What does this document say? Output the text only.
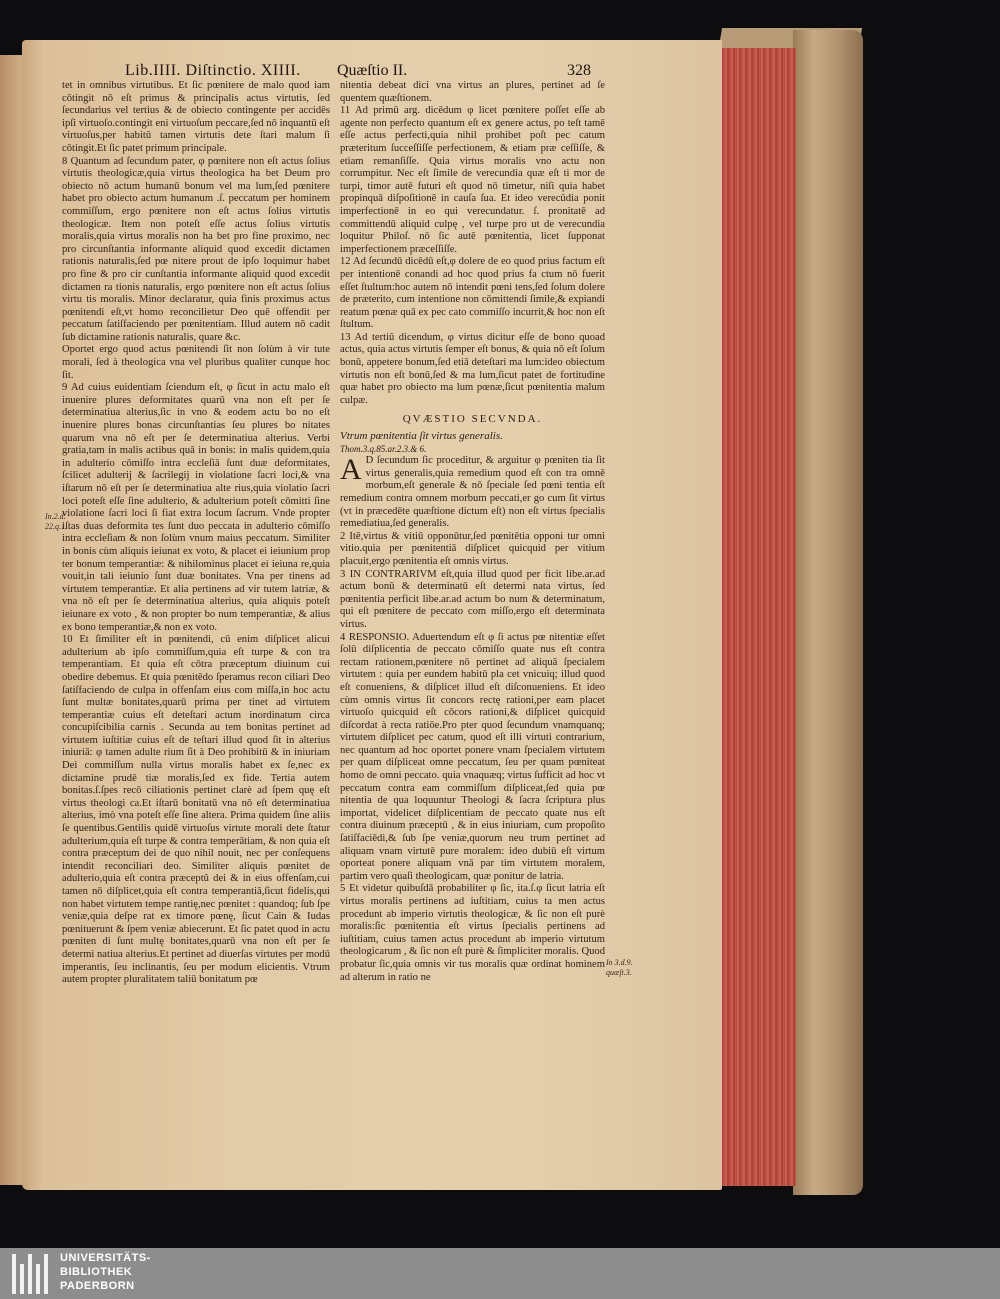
Lib.IIII. Diſtinctio. XIIII. Quæſtio II.	328

tet in omnibus virtutibus. Et ſic pœnitere de malo quod iam cōtingit nō eſt primus & principalis actus virtutis, ſed ſecundarius vel tertius & de obiecto contingente per accidēs ipſi virtuoſo.contingit eni virtuoſum peccare,ſed nō inquantū eſt virtuoſus,per habitū tamen virtutis dete ſtari malum ſi cōtingit.Et ſic patet primum principale.

8 Quantum ad ſecundum pater, φ pœnitere non eſt actus ſolius virtutis theologicæ,quia virtus theologica ha bet Deum pro obiecto nō actum humanū bonum vel ma lum,ſed pœnitere habet pro obiecto actum humanum .ſ. peccatum per hominem commiſſum, ergo pœnitere non eſt actus ſolius virtutis theologicæ. Item non poteſt eſſe actus ſolius virtutis moralis,quia virtus moralis non ha bet pro fine proximo, nec pro circunſtantia informante aliquid quod excedit dictamen rationis naturalis,ſed pœ nitere prout de ipſo loquimur habet pro fine & pro cir cunſtantia informante aliquid quod excedit dictamen ra tionis naturalis, ergo pœnitere non eſt actus ſolius virtu tis moralis. Minor declaratur, quia finis proximus actus pœnitendi eſt,vt homo reconcilietur Deo quē offendit per peccatum ſatiſfaciendo per pœnitentiam. Illud autem nō cadit ſub dictamine rationis naturalis, quare &c.

Oportet ergo quod actus pœnitendi ſit non ſolùm à vir tute morali, ſed à theologica vna vel pluribus qualiter cunque hoc ſit.

9 Ad cuius euidentiam ſciendum eſt, φ ſicut in actu malo eſt inuenire plures deformitates quarū vna non eſt per ſe determinatiua alterius,ſic in vno & eodem actu bo no eſt inuenire plures bonas circunſtantias ſeu plures bo nitates quarum vna nō eſt per ſe determinatiua alterius. Verbi gratia,tam in malis actibus quā in bonis: in malis quidem,quia in adulterio cōmiſſo intra eccleſiā ſunt duæ deformitates, ſcilicet adulterij & ſacrilegij in violatione ſacri loci,& vna iſtarum nō eſt per ſe determinatiua alte rius,quia violatio ſacri loci poteſt eſſe ſine adulterio, & adulterium poteſt cōmitti ſine violatione ſacri loci ſi fiat extra locum ſacrum. Vnde propter iſtas duas deformita tes ſunt duo peccata in adulterio cōmiſſo intra eccleſiam & non ſolùm vnum maius peccatum. Similiter in bonis cùm aliquis ieiunat ex voto, & placet ei ieiunium prop ter bonum temperantiæ: & nihilominus placet ei ieiuna re,quia vouit,in tali ieiunio ſunt duæ bonitates. Vna per tinens ad virtutem temperantiæ. Et alia pertinens ad vir tutem latriæ, & vna nō eſt per ſe determinatiua alterius, quia aliquis poteſt ieiunare ex voto , & non propter bo num temperantiæ, & alius ex bono temperantiæ,& non ex voto.

10 Et ſimiliter eſt in pœnitendi, cū enim diſplicet alicui adulterium ab ipſo commiſſum,quia eſt turpe & con tra temperantiam. Et quia eſt cōtra præceptum diuinum cui obedire debemus. Et quia pœnitēdo ſperamus recon ciliari Deo ſatiſfaciendo de culpa in offenſam eius com miſſa,in hoc actu ſunt multæ bonitates,quarū prima per tinet ad virtutem temperantiæ cuius eſt deteſtari actum inordinatum circa concupiſcibilia carnis . Secunda au tem bonitas pertinet ad virtutem iuſtitiæ cuius eſt de teſtari illud quod ſit in alterius iniuriā: φ tamen adulte rium ſit à Deo prohibitū & in iniuriam Dei commiſſum nulla virtus moralis habet ex ſe,nec ex dictamine prudē tiæ moralis,ſed ex fide. Tertia autem bonitas.ſ.ſpes recō ciliationis pertinet clarè ad ſpem quę eſt virtus theologi ca.Et iſtarū bonitatū vna nō eſt determinatiua alterius, imò vna poteſt eſſe ſine altera. Prima quidem ſine aliis ſe quentibus.Gentilis quidē virtuoſus virtute morali dete ſtatur adulterium,quia eſt turpe & contra temperātiam, & non quia eſt contra præceptum dei de quo nihil nouit, nec per conſequens intendit reconciliari deo. Similiter aliquis pœnitet de adulterio,quia eſt contra præceptū dei & in eius offenſam,cui tamen nō diſplicet,quia eſt contra temperantiā,ſicut fidelis,qui non habet virtutem tempe rantię,nec pœnitet : quandoq; ſub ſpe veniæ,quia deſpe rat ex timore pœnę, ſicut Cain & Iudas pœnituerunt & ſpem veniæ abiecerunt. Et ſic patet quod in actu pœniten di ſunt multę bonitates,quarū vna non eſt per ſe determi natiua alterius.Et pertinet ad diuerſas virtutes per modū imperantis, ſeu inclinantis, ſeu per modum elicientis. Vtrum autem propter pluralitatem taliū bonitatum pœ

nitentia debeat dici vna virtus an plures, pertinet ad ſe quentem quæſtionem.

11 Ad primū arg. dicēdum φ licet pœnitere poſſet eſſe ab agente non perfecto quantum eſt ex genere actus, po teſt tamē eſſe actus perfecti,quia nihil prohibet poſt pec catum præteritum ſucceſſiſſe perfectionem, & etiam præ ceſſiſſe, & etiam remanſiſſe. Quia virtus moralis vno actu non corrumpitur. Nec eſt ſimile de verecundia quæ eſt ti mor de turpi, timor autē futuri eſt quod nō timetur, niſi quia habet propinquā diſpoſitionē in cauſa ſua. Et ideo verecūdia ponit imperfectionē in eo qui verecundatur. ſ. pronitatē ad committendū aliquid culpę , vel turpe pro ut de verecundia loquitur Philoſ. nō ſic autē pœnitentia, licet ſupponat imperfectionem præceſſiſſe.

12 Ad ſecundū dicēdū eſt,φ dolere de eo quod prius factum eſt per intentionē conandi ad hoc quod prius fa ctum nō fuerit eſſet ſtultum:hoc autem nō intendit pœni tens,ſed ſolum dolere de præterito, cum intentione non cōmittendi ſimile,& expiandi reatum pœnæ quā ex pec cato commiſſo incurrit,& hoc non eſt ſtultum.

13 Ad tertiū dicendum, φ virtus dicitur eſſe de bono quoad actus, quia actus virtutis ſemper eſt bonus, & quia nō eſt ſolum bonū, appetere bonum,ſed etiā deteſtari ma lum:ideo obiectum virtutis non eſt bonū,ſed & ma lum,ſicut patet de fortitudine quæ habet pro obiecto ma lum pœnæ,ſicut pœnitentia malum culpæ.

QVÆSTIO SECVNDA.

Vtrum pœnitentia ſit virtus generalis.

Thom.3.q.85.ar.2.3.& 6.

A D ſecundum ſic proceditur, & arguitur φ pœniten tia ſit virtus generalis,quia remedium quod eſt con tra omnē morbum,eſt generale & nō ſpeciale ſed pœni tentia eſt remedium contra omnem morbum peccati,er go cum ſit virtus (vt in præcedēte quæſtione dictum eſt) non eſt virtus ſpecialis remediatiua,ſed generalis.

2 Itē,virtus & vitiū opponūtur,ſed pœnitētia opponi tur omni vitio.quia per pœnitentiā diſplicet quicquid per vitium placuit,ergo pœnitentia eſt omnis virtus.

3 IN CONTRARIVM eſt,quia illud quod per ficit libe.ar.ad actum bonū & determinatū eſt determi nata virtus, ſed pœnitentia perficit libe.ar.ad actum bo num & determinatum, qui eſt pœnitere de peccato com miſſo,ergo eſt determinata virtus.

4 RESPONSIO. Aduertendum eſt φ ſi actus pœ nitentiæ eſſet ſolū diſplicentia de peccato cōmiſſo quate nus eſt contra rectam rationem,pœnitere nō pertinet ad aliquā ſpecialem virtutem : quia per eundem habitū pla cet vnicuiq; illud quod eſt conueniens, & diſplicet illud eſt diſconueniens. Et ideo cùm omnis virtus ſit concors rectę rationi,per eam placet virtuoſo quicquid eſt cōcors rationi,& diſplicet quicquid diſcordat à recta ratiōe.Pro pter quod ſecundum vnamquanq; virtutem diſplicet pec catum, quod eſt illi virtuti contrarium, nec quantum ad hoc oportet ponere vnam ſpecialem virtutem per quam diſpliceat omne peccatum, ſeu per quam pœniteat homo de omni peccato. quia vnaquæq; virtus ſufficit ad hoc vt peccatum contra eam commiſſum diſpliceat,ſed quia pœ nitentia de qua loquuntur Theologi & ſacra ſcriptura plus importat, videlicet diſplicentiam de peccato quate nus eſt contra diuinum præceptū , & in eius iniuriam, cum propoſito ſatiſfaciēdi,& ſub ſpe veniæ,quorum neu trum pertinet ad aliquam vnam virtutē pure moralem: ideo dubiū eſt virtum oporteat ponere aliquam vnā par tim virtutem moralem, partim vero quaſi theologicam, quæ ponitur de latria.

5 Et videtur quibuſdā probabiliter φ ſic, ita.ſ.φ ſicut latria eſt virtus moralis pertinens ad iuſtitiam, cuius ta men actus procedunt ab imperio virtutis theologicæ, & ſic non eſt purè moralis:ſic pœnitentia eſt virtus ſpecialis pertinens ad iuſtitiam, cuius tamen actus procedunt ab imperio virtutum theologicarum , & ſic non eſt purè & ſimpliciter moralis. Quod probatur ſic,quia omnis vir tus moralis quæ ordinat hominem ad alterum in ratio ne

In.2.d.
22.q.1.
In 3.d.9.
quæſt.3.
UNIVERSITÄTS-
BIBLIOTHEK
PADERBORN
